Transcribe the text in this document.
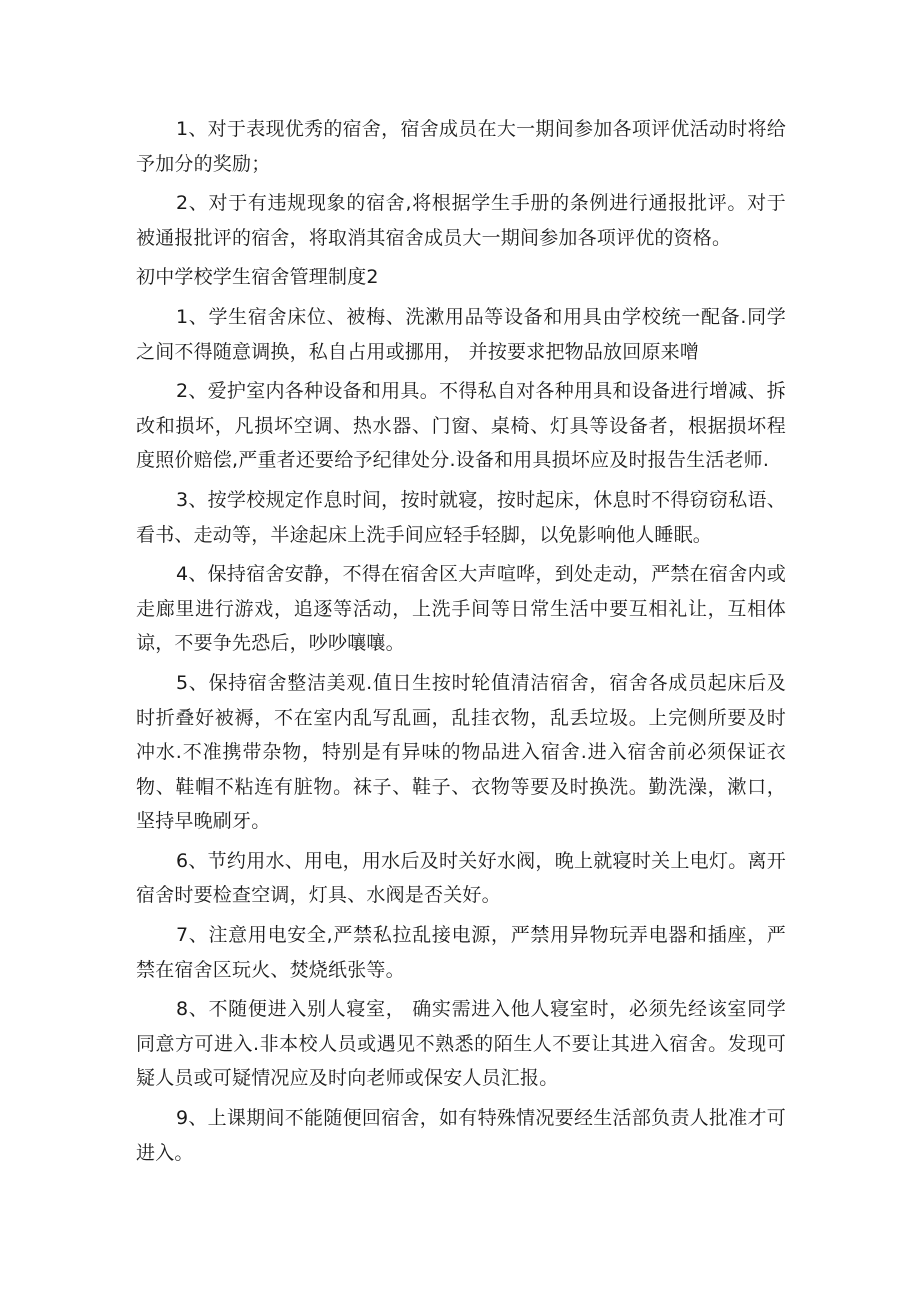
1、对于表现优秀的宿舍，宿舍成员在大一期间参加各项评优活动时将给予加分的奖励；

2、对于有违规现象的宿舍,将根据学生手册的条例进行通报批评。对于被通报批评的宿舍，将取消其宿舍成员大一期间参加各项评优的资格。

初中学校学生宿舍管理制度2

1、学生宿舍床位、被梅、洗漱用品等设备和用具由学校统一配备.同学之间不得随意调换，私自占用或挪用， 并按要求把物品放回原来噌

2、爱护室内各种设备和用具。不得私自对各种用具和设备进行增减、拆改和损坏，凡损坏空调、热水器、门窗、桌椅、灯具等设备者，根据损坏程度照价赔偿,严重者还要给予纪律处分.设备和用具损坏应及时报告生活老师.

3、按学校规定作息时间，按时就寝，按时起床，休息时不得窃窃私语、看书、走动等，半途起床上洗手间应轻手轻脚，以免影响他人睡眠。

4、保持宿舍安静，不得在宿舍区大声喧哗，到处走动，严禁在宿舍内或走廊里进行游戏，追逐等活动，上洗手间等日常生活中要互相礼让，互相体谅，不要争先恐后，吵吵嚷嚷。

5、保持宿舍整洁美观.值日生按时轮值清洁宿舍，宿舍各成员起床后及时折叠好被褥，不在室内乱写乱画，乱挂衣物，乱丢垃圾。上完侧所要及时冲水.不准携带杂物，特别是有异味的物品进入宿舍.进入宿舍前必须保证衣物、鞋帽不粘连有脏物。袜子、鞋子、衣物等要及时换洗。勤洗澡，漱口，坚持早晚刷牙。

6、节约用水、用电，用水后及时关好水阀，晚上就寝时关上电灯。离开宿舍时要检查空调，灯具、水阀是否关好。

7、注意用电安全,严禁私拉乱接电源，严禁用异物玩弄电器和插座，严禁在宿舍区玩火、焚烧纸张等。

8、不随便进入别人寝室， 确实需进入他人寝室时，必须先经该室同学同意方可进入.非本校人员或遇见不熟悉的陌生人不要让其进入宿舍。发现可疑人员或可疑情况应及时向老师或保安人员汇报。

9、上课期间不能随便回宿舍，如有特殊情况要经生活部负责人批准才可进入。
